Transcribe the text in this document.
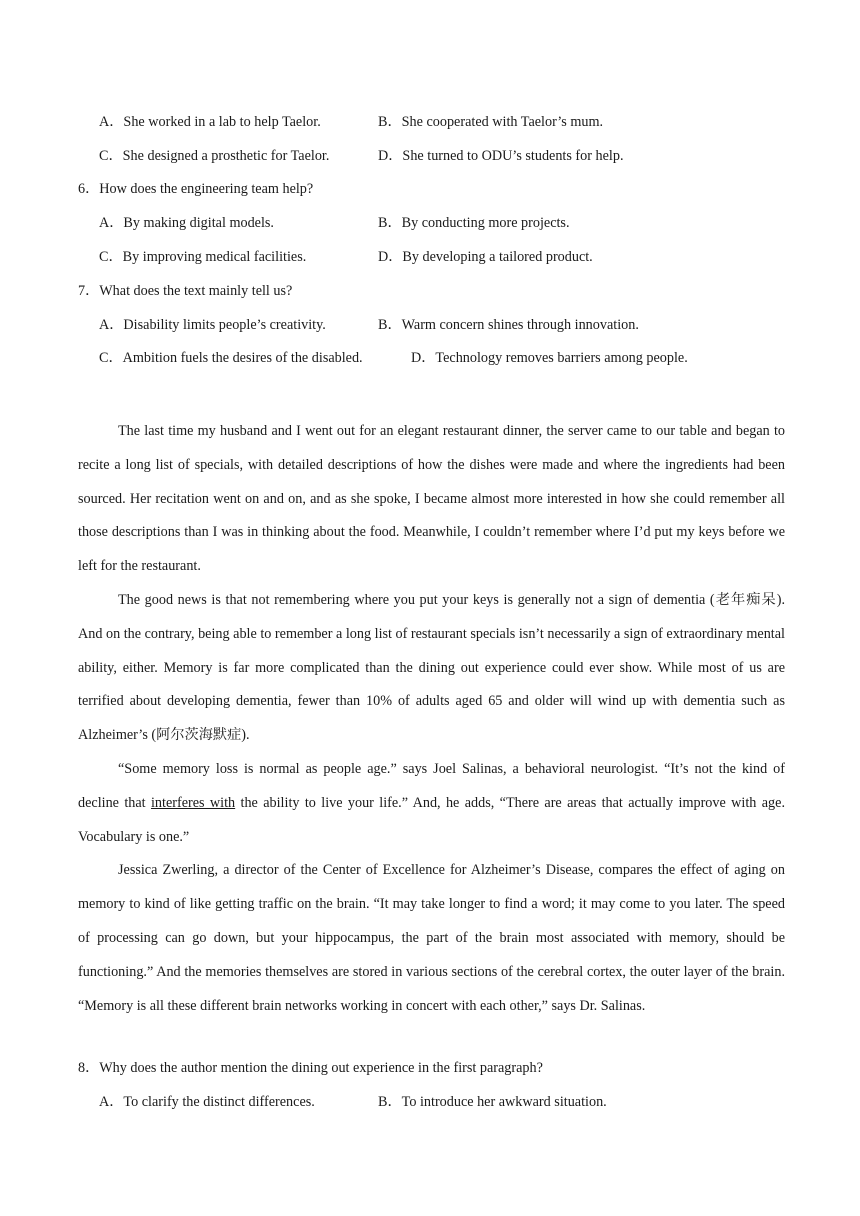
A．She worked in a lab to help Taelor.	B．She cooperated with Taelor’s mum.
C．She designed a prosthetic for Taelor.	D．She turned to ODU’s students for help.
6．How does the engineering team help?
A．By making digital models.	B．By conducting more projects.
C．By improving medical facilities.	D．By developing a tailored product.
7．What does the text mainly tell us?
A．Disability limits people’s creativity.	B．Warm concern shines through innovation.
C．Ambition fuels the desires of the disabled.	D．Technology removes barriers among people.

The last time my husband and I went out for an elegant restaurant dinner, the server came to our table and began to recite a long list of specials, with detailed descriptions of how the dishes were made and where the ingredients had been sourced. Her recitation went on and on, and as she spoke, I became almost more interested in how she could remember all those descriptions than I was in thinking about the food. Meanwhile, I couldn’t remember where I’d put my keys before we left for the restaurant.

The good news is that not remembering where you put your keys is generally not a sign of dementia (老年痴呆). And on the contrary, being able to remember a long list of restaurant specials isn’t necessarily a sign of extraordinary mental ability, either. Memory is far more complicated than the dining out experience could ever show. While most of us are terrified about developing dementia, fewer than 10% of adults aged 65 and older will wind up with dementia such as Alzheimer’s (阿尔茨海默症).

“Some memory loss is normal as people age.” says Joel Salinas, a behavioral neurologist. “It’s not the kind of decline that interferes with the ability to live your life.” And, he adds, “There are areas that actually improve with age. Vocabulary is one.”

Jessica Zwerling, a director of the Center of Excellence for Alzheimer’s Disease, compares the effect of aging on memory to kind of like getting traffic on the brain. “It may take longer to find a word; it may come to you later. The speed of processing can go down, but your hippocampus, the part of the brain most associated with memory, should be functioning.” And the memories themselves are stored in various sections of the cerebral cortex, the outer layer of the brain. “Memory is all these different brain networks working in concert with each other,” says Dr. Salinas.

8．Why does the author mention the dining out experience in the first paragraph?
A．To clarify the distinct differences.	B．To introduce her awkward situation.
